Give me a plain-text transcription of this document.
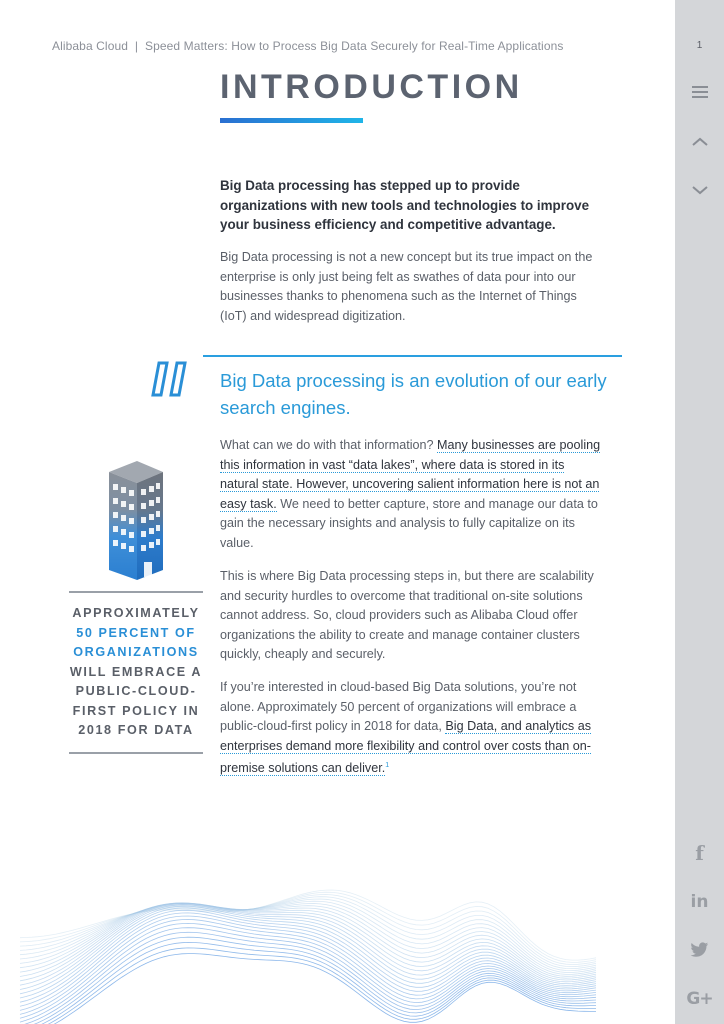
Alibaba Cloud | Speed Matters: How to Process Big Data Securely for Real-Time Applications
INTRODUCTION
Big Data processing has stepped up to provide organizations with new tools and technologies to improve your business efficiency and competitive advantage.
Big Data processing is not a new concept but its true impact on the enterprise is only just being felt as swathes of data pour into our businesses thanks to phenomena such as the Internet of Things (IoT) and widespread digitization.
Big Data processing is an evolution of our early search engines.
What can we do with that information? Many businesses are pooling this information in vast “data lakes”, where data is stored in its natural state. However, uncovering salient information here is not an easy task. We need to better capture, store and manage our data to gain the necessary insights and analysis to fully capitalize on its value.
This is where Big Data processing steps in, but there are scalability and security hurdles to overcome that traditional on-site solutions cannot address. So, cloud providers such as Alibaba Cloud offer organizations the ability to create and manage container clusters quickly, cheaply and securely.
If you’re interested in cloud-based Big Data solutions, you’re not alone. Approximately 50 percent of organizations will embrace a public-cloud-first policy in 2018 for data, Big Data, and analytics as enterprises demand more flexibility and control over costs than on-premise solutions can deliver.$^1$
APPROXIMATELY
50 PERCENT OF ORGANIZATIONS
WILL EMBRACE A PUBLIC-CLOUD-FIRST POLICY IN 2018 FOR DATA
1
f
in
G+
